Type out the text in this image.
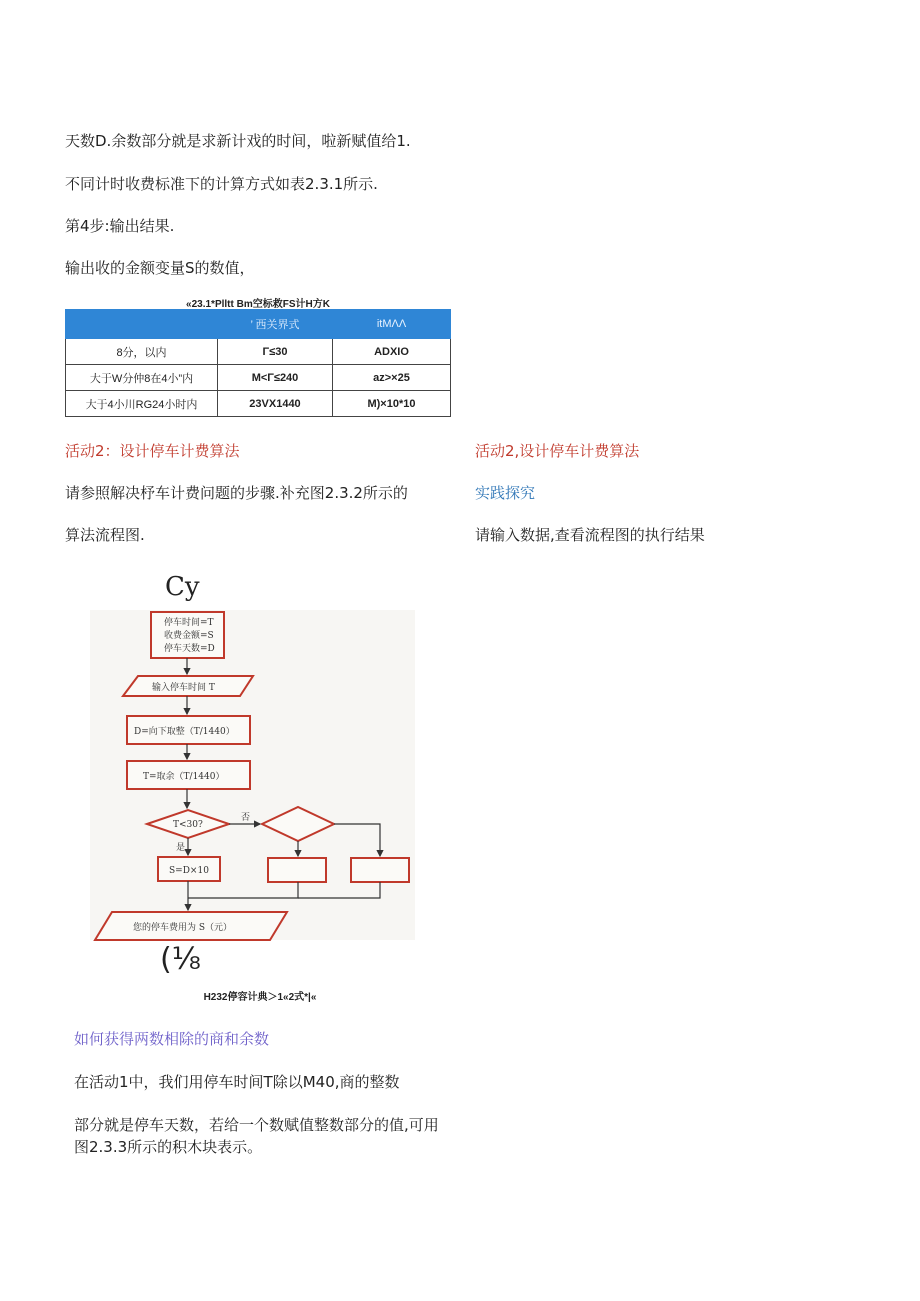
天数D.余数部分就是求新计戏的时间，啦新赋值给1.
不同计时收费标准下的计算方式如表2.3.1所示.
第4步:输出结果.
输出收的金额变量S的数值，
«23.1*Plltt Bm空标救FS计H方K
	’ 西关界式	itMΛΛ
8分，以内	Γ≤30	ADXIO
大于W分仲8在4小”内	M<Γ≤240	az>×25
大于4小川RG24小时内	23VX1440	M)×10*10
活动2：设计停车计费算法
请参照解决杼车计费问题的步骤.补充图2.3.2所示的
算法流程图.
活动2,设计停车计费算法
实践探究
请输入数据,查看流程图的执行结果
Cy
停车时间=T
收费金额=S
停车天数=D
输入停车时间 T
D=向下取整（T/1440）
T=取余（T/1440）
T<30?
否
是
S=D×10
您的停车费用为 S（元）
(⅛
H232停容计典＞1«2式*|«
如何获得两数相除的商和余数
在活动1中，我们用停车时间T除以M40,商的整数
部分就是停车天数，若给一个数赋值整数部分的值,可用
图2.3.3所示的积木块表示。
